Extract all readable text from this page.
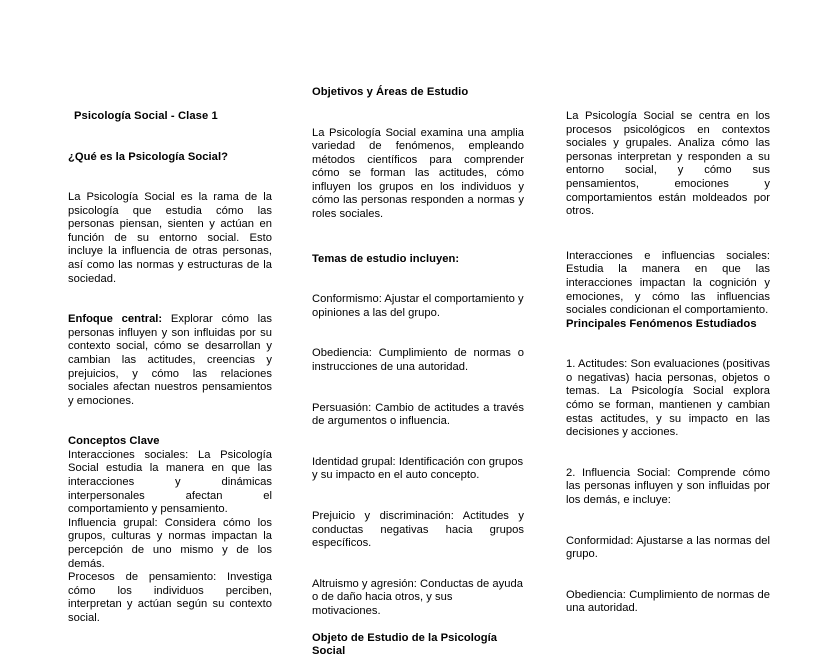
Psicología Social - Clase 1
¿Qué es la Psicología Social?

La Psicología Social es la rama de la psicología que estudia cómo las personas piensan, sienten y actúan en función de su entorno social. Esto incluye la influencia de otras personas, así como las normas y estructuras de la sociedad.

Enfoque central: Explorar cómo las personas influyen y son influidas por su contexto social, cómo se desarrollan y cambian las actitudes, creencias y prejuicios, y cómo las relaciones sociales afectan nuestros pensamientos y emociones.

Conceptos Clave

Interacciones sociales: La Psicología Social estudia la manera en que las interacciones y dinámicas interpersonales afectan el comportamiento y pensamiento.

Influencia grupal: Considera cómo los grupos, culturas y normas impactan la percepción de uno mismo y de los demás.

Procesos de pensamiento: Investiga cómo los individuos perciben, interpretan y actúan según su contexto social.

Objetivos y Áreas de Estudio

La Psicología Social examina una amplia variedad de fenómenos, empleando métodos científicos para comprender cómo se forman las actitudes, cómo influyen los grupos en los individuos y cómo las personas responden a normas y roles sociales.

Temas de estudio incluyen:

Conformismo: Ajustar el comportamiento y opiniones a las del grupo.

Obediencia: Cumplimiento de normas o instrucciones de una autoridad.

Persuasión: Cambio de actitudes a través de argumentos o influencia.

Identidad grupal: Identificación con grupos y su impacto en el auto concepto.

Prejuicio y discriminación: Actitudes y conductas negativas hacia grupos específicos.

Altruismo y agresión: Conductas de ayuda o de daño hacia otros, y sus motivaciones.

Objeto de Estudio de la Psicología Social

La Psicología Social se centra en los procesos psicológicos en contextos sociales y grupales. Analiza cómo las personas interpretan y responden a su entorno social, y cómo sus pensamientos, emociones y comportamientos están moldeados por otros.

Interacciones e influencias sociales: Estudia la manera en que las interacciones impactan la cognición y emociones, y cómo las influencias sociales condicionan el comportamiento.

Principales Fenómenos Estudiados

1. Actitudes: Son evaluaciones (positivas o negativas) hacia personas, objetos o temas. La Psicología Social explora cómo se forman, mantienen y cambian estas actitudes, y su impacto en las decisiones y acciones.

2. Influencia Social: Comprende cómo las personas influyen y son influidas por los demás, e incluye:

Conformidad: Ajustarse a las normas del grupo.

Obediencia: Cumplimiento de normas de una autoridad.
